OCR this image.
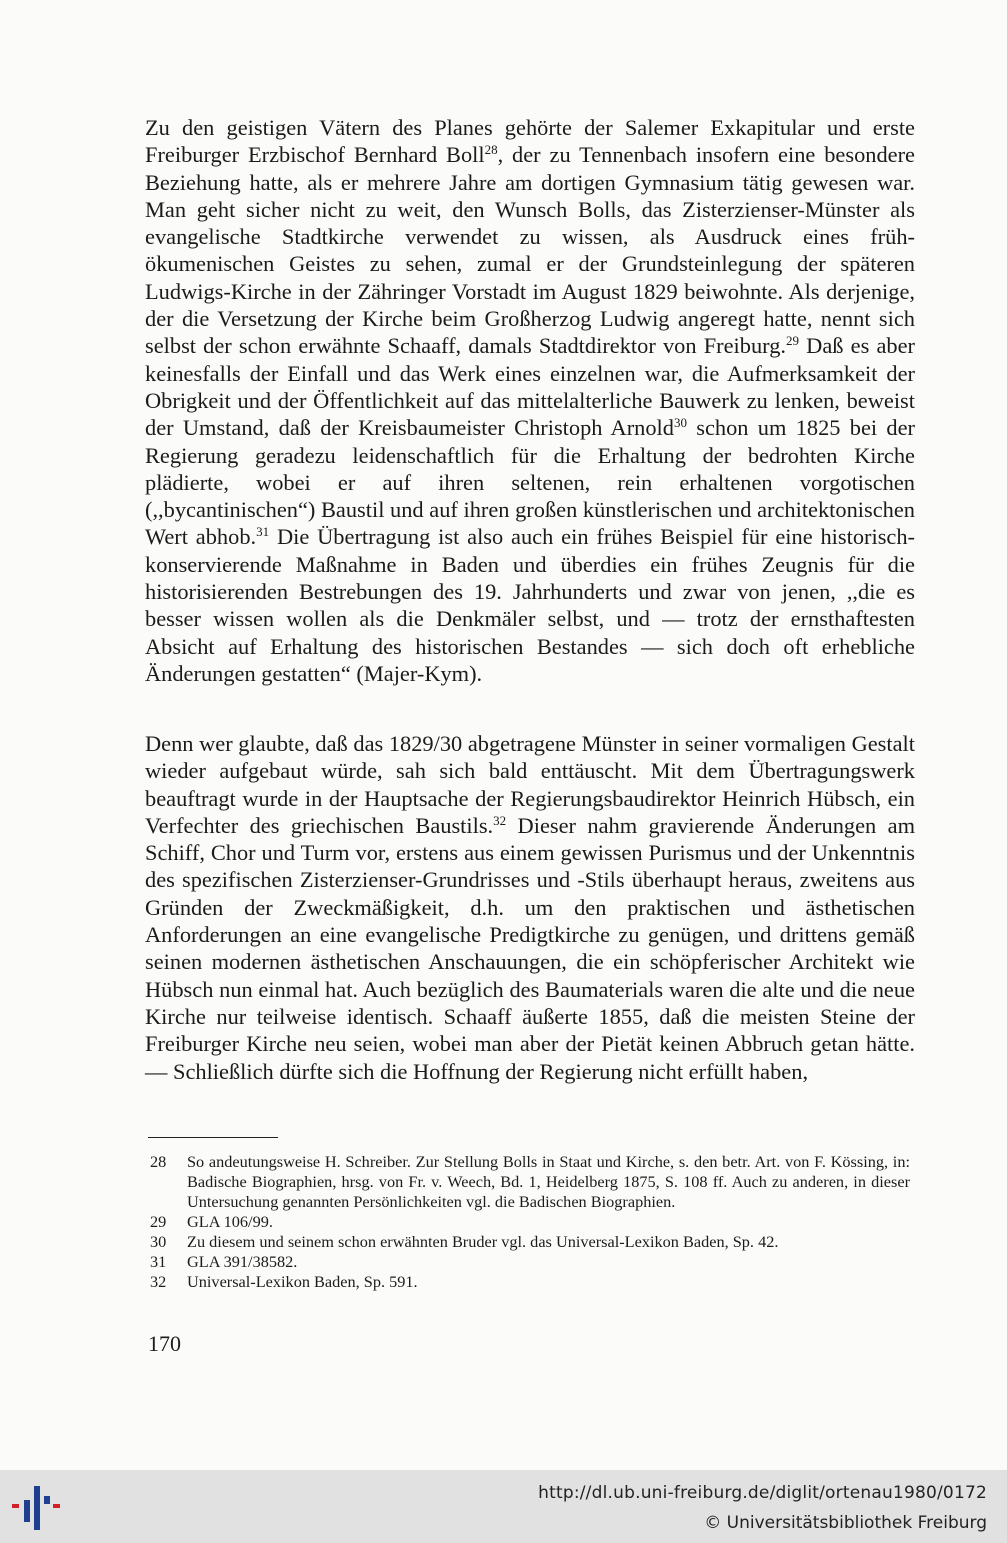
Zu den geistigen Vätern des Planes gehörte der Salemer Exkapitular und erste Freiburger Erzbischof Bernhard Boll$^{28}$, der zu Tennenbach insofern eine besondere Beziehung hatte, als er mehrere Jahre am dortigen Gymnasium tätig gewesen war. Man geht sicher nicht zu weit, den Wunsch Bolls, das Zisterzienser-Münster als evangelische Stadtkirche verwendet zu wissen, als Ausdruck eines früh-ökumenischen Geistes zu sehen, zumal er der Grundsteinlegung der späteren Ludwigs-Kirche in der Zähringer Vorstadt im August 1829 beiwohnte. Als derjenige, der die Versetzung der Kirche beim Großherzog Ludwig angeregt hatte, nennt sich selbst der schon erwähnte Schaaff, damals Stadtdirektor von Freiburg.$^{29}$ Daß es aber keinesfalls der Einfall und das Werk eines einzelnen war, die Aufmerksamkeit der Obrigkeit und der Öffentlichkeit auf das mittelalterliche Bauwerk zu lenken, beweist der Umstand, daß der Kreisbaumeister Christoph Arnold$^{30}$ schon um 1825 bei der Regierung geradezu leidenschaftlich für die Erhaltung der bedrohten Kirche plädierte, wobei er auf ihren seltenen, rein erhaltenen vorgotischen (,,bycantinischen“) Baustil und auf ihren großen künstlerischen und architektonischen Wert abhob.$^{31}$ Die Übertragung ist also auch ein frühes Beispiel für eine historisch-konservierende Maßnahme in Baden und überdies ein frühes Zeugnis für die historisierenden Bestrebungen des 19. Jahrhunderts und zwar von jenen, ,,die es besser wissen wollen als die Denkmäler selbst, und — trotz der ernsthaftesten Absicht auf Erhaltung des historischen Bestandes — sich doch oft erhebliche Änderungen gestatten“ (Majer-Kym).

Denn wer glaubte, daß das 1829/30 abgetragene Münster in seiner vormaligen Gestalt wieder aufgebaut würde, sah sich bald enttäuscht. Mit dem Übertragungswerk beauftragt wurde in der Hauptsache der Regierungsbaudirektor Heinrich Hübsch, ein Verfechter des griechischen Baustils.$^{32}$ Dieser nahm gravierende Änderungen am Schiff, Chor und Turm vor, erstens aus einem gewissen Purismus und der Unkenntnis des spezifischen Zisterzienser-Grundrisses und -Stils überhaupt heraus, zweitens aus Gründen der Zweckmäßigkeit, d.h. um den praktischen und ästhetischen Anforderungen an eine evangelische Predigtkirche zu genügen, und drittens gemäß seinen modernen ästhetischen Anschauungen, die ein schöpferischer Architekt wie Hübsch nun einmal hat. Auch bezüglich des Baumaterials waren die alte und die neue Kirche nur teilweise identisch. Schaaff äußerte 1855, daß die meisten Steine der Freiburger Kirche neu seien, wobei man aber der Pietät keinen Abbruch getan hätte. — Schließlich dürfte sich die Hoffnung der Regierung nicht erfüllt haben,

28	So andeutungsweise H. Schreiber. Zur Stellung Bolls in Staat und Kirche, s. den betr. Art. von F. Kössing, in: Badische Biographien, hrsg. von Fr. v. Weech, Bd. 1, Heidelberg 1875, S. 108 ff. Auch zu anderen, in dieser Untersuchung genannten Persönlichkeiten vgl. die Badischen Biographien.
29	GLA 106/99.
30	Zu diesem und seinem schon erwähnten Bruder vgl. das Universal-Lexikon Baden, Sp. 42.
31	GLA 391/38582.
32	Universal-Lexikon Baden, Sp. 591.
170
http://dl.ub.uni-freiburg.de/diglit/ortenau1980/0172
© Universitätsbibliothek Freiburg
